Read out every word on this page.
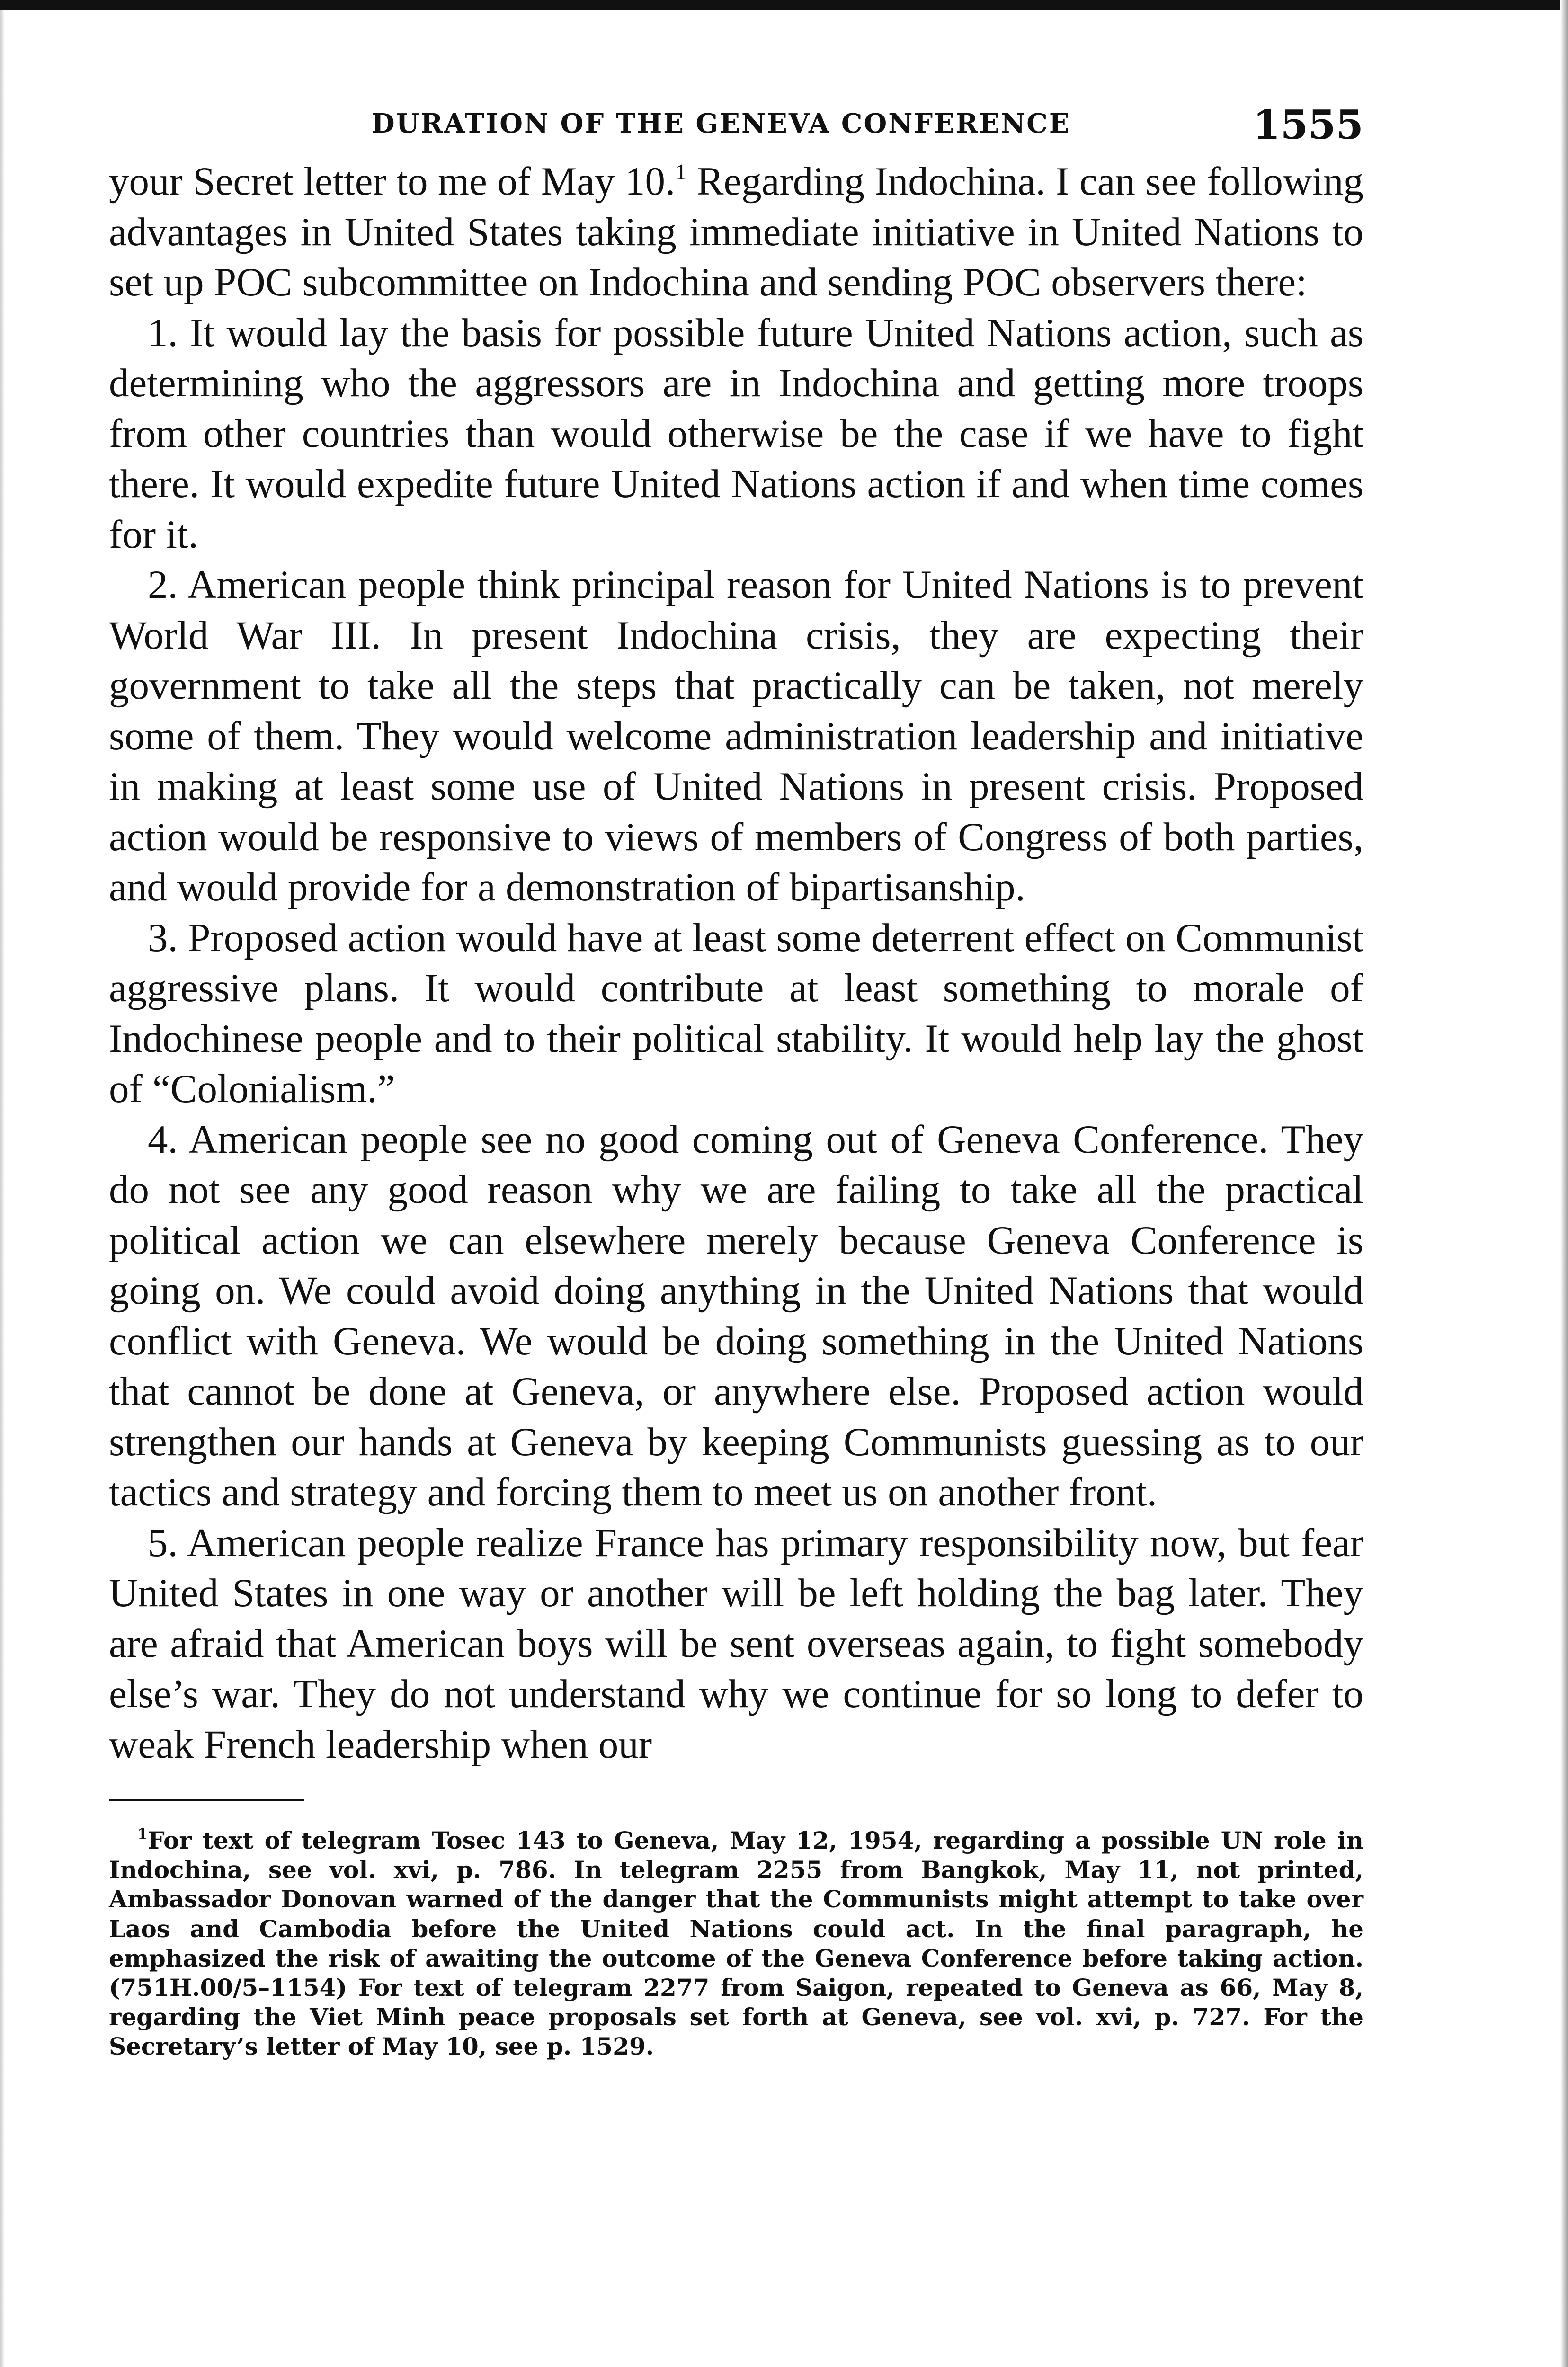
DURATION OF THE GENEVA CONFERENCE	1555

your Secret letter to me of May 10.$^1$ Regarding Indochina. I can see following advantages in United States taking immediate initiative in United Nations to set up POC subcommittee on Indochina and sending POC observers there:

1. It would lay the basis for possible future United Nations action, such as determining who the aggressors are in Indochina and getting more troops from other countries than would otherwise be the case if we have to fight there. It would expedite future United Nations action if and when time comes for it.

2. American people think principal reason for United Nations is to prevent World War III. In present Indochina crisis, they are expecting their government to take all the steps that practically can be taken, not merely some of them. They would welcome administration leadership and initiative in making at least some use of United Nations in present crisis. Proposed action would be responsive to views of members of Congress of both parties, and would provide for a demonstration of bipartisanship.

3. Proposed action would have at least some deterrent effect on Communist aggressive plans. It would contribute at least something to morale of Indochinese people and to their political stability. It would help lay the ghost of “Colonialism.”

4. American people see no good coming out of Geneva Conference. They do not see any good reason why we are failing to take all the practical political action we can elsewhere merely because Geneva Conference is going on. We could avoid doing anything in the United Nations that would conflict with Geneva. We would be doing something in the United Nations that cannot be done at Geneva, or anywhere else. Proposed action would strengthen our hands at Geneva by keeping Communists guessing as to our tactics and strategy and forcing them to meet us on another front.

5. American people realize France has primary responsibility now, but fear United States in one way or another will be left holding the bag later. They are afraid that American boys will be sent overseas again, to fight somebody else’s war. They do not understand why we continue for so long to defer to weak French leadership when our

$^1$For text of telegram Tosec 143 to Geneva, May 12, 1954, regarding a possible UN role in Indochina, see vol. xvi, p. 786. In telegram 2255 from Bangkok, May 11, not printed, Ambassador Donovan warned of the danger that the Communists might attempt to take over Laos and Cambodia before the United Nations could act. In the final paragraph, he emphasized the risk of awaiting the outcome of the Geneva Conference before taking action. (751H.00/5–1154) For text of telegram 2277 from Saigon, repeated to Geneva as 66, May 8, regarding the Viet Minh peace proposals set forth at Geneva, see vol. xvi, p. 727. For the Secretary’s letter of May 10, see p. 1529.
